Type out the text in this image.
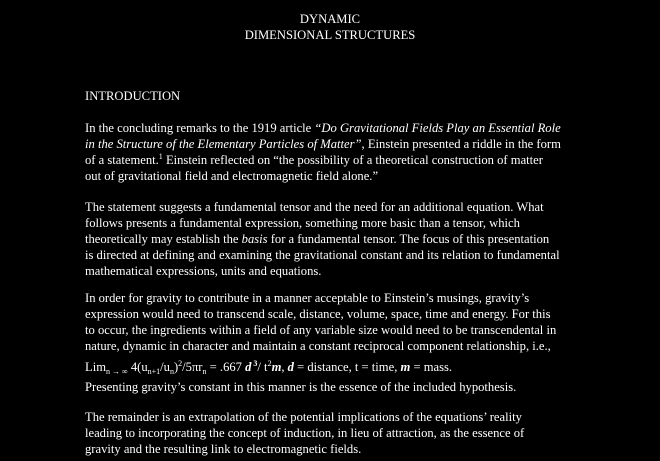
DYNAMIC
DIMENSIONAL STRUCTURES
INTRODUCTION
In the concluding remarks to the 1919 article “Do Gravitational Fields Play an Essential Role
in the Structure of the Elementary Particles of Matter”, Einstein presented a riddle in the form
of a statement.$^1$ Einstein reflected on “the possibility of a theoretical construction of matter
out of gravitational field and electromagnetic field alone.”
The statement suggests a fundamental tensor and the need for an additional equation. What
follows presents a fundamental expression, something more basic than a tensor, which
theoretically may establish the basis for a fundamental tensor. The focus of this presentation
is directed at defining and examining the gravitational constant and its relation to fundamental
mathematical expressions, units and equations.
In order for gravity to contribute in a manner acceptable to Einstein’s musings, gravity’s
expression would need to transcend scale, distance, volume, space, time and energy. For this
to occur, the ingredients within a field of any variable size would need to be transcendental in
nature, dynamic in character and maintain a constant reciprocal component relationship, i.e.,
Lim$_{n \to \infty}$ $4(u_{n+1}/u_n)^2/5\pi r_n = .667$ d $^3$/ $t^2m$, d = distance, t = time, m = mass.
Presenting gravity’s constant in this manner is the essence of the included hypothesis.
The remainder is an extrapolation of the potential implications of the equations’ reality
leading to incorporating the concept of induction, in lieu of attraction, as the essence of
gravity and the resulting link to electromagnetic fields.
